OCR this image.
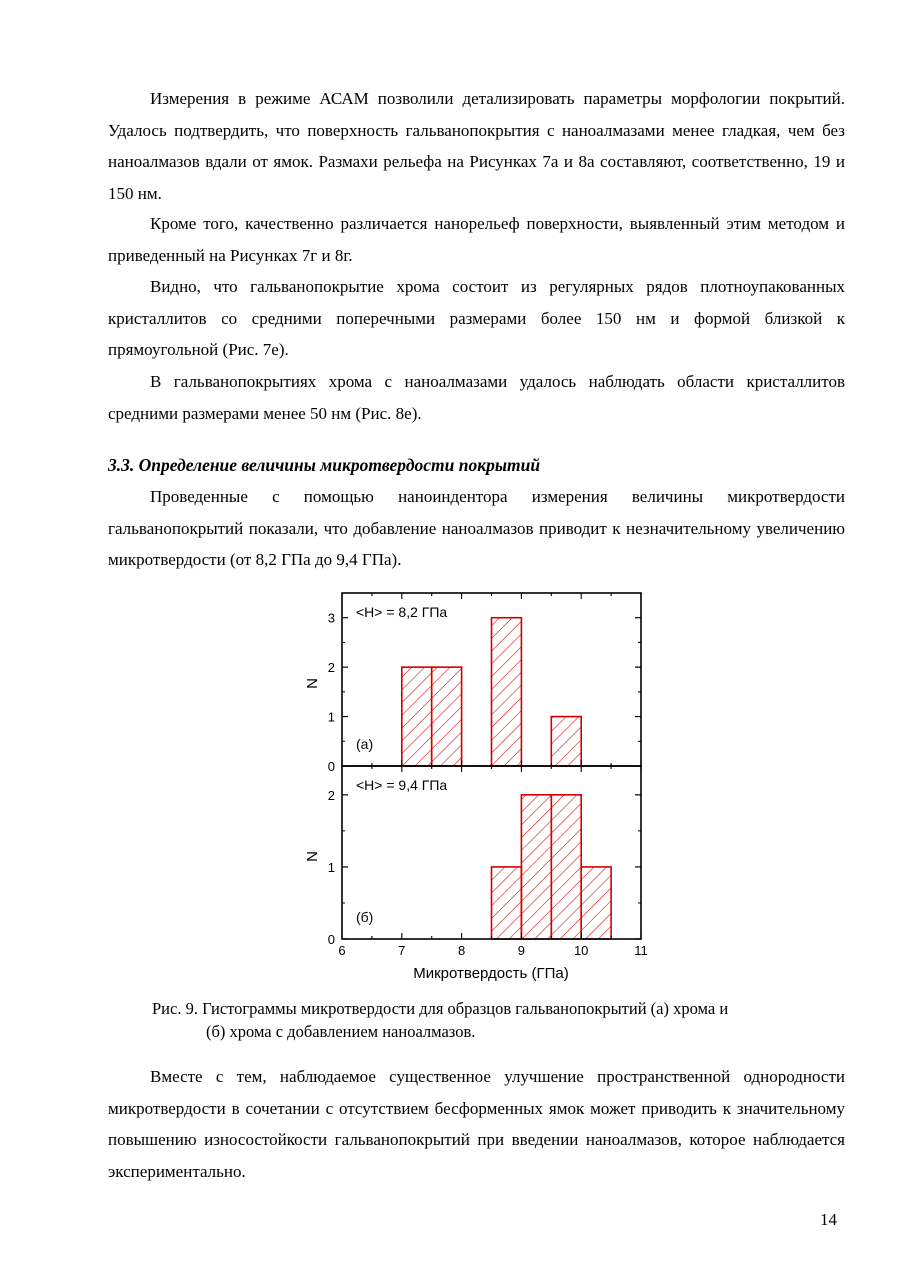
Измерения в режиме АСАМ позволили детализировать параметры морфологии покрытий. Удалось подтвердить, что поверхность гальванопокрытия с наноалмазами менее гладкая, чем без наноалмазов вдали от ямок. Размахи рельефа на Рисунках 7а и 8а составляют, соответственно, 19 и 150 нм.

Кроме того, качественно различается нанорельеф поверхности, выявленный этим методом и приведенный на Рисунках 7г и 8г.

Видно, что гальванопокрытие хрома состоит из регулярных рядов плотноупакованных кристаллитов со средними поперечными размерами более 150 нм и формой близкой к прямоугольной (Рис. 7е).

В гальванопокрытиях хрома с наноалмазами удалось наблюдать области кристаллитов средними размерами менее 50 нм (Рис. 8е).

3.3. Определение величины микротвердости покрытий

Проведенные с помощью наноиндентора измерения величины микротвердости гальванопокрытий показали, что добавление наноалмазов приводит к незначительному увеличению микротвердости (от 8,2 ГПа до 9,4 ГПа).

0
1
2
3
N
<H> = 8,2 ГПа
(а)
0
1
2
6	7	8	9	10	11
N
<H> = 9,4 ГПа
(б)
Микротвердость (ГПа)

Рис. 9. Гистограммы микротвердости для образцов гальванопокрытий (а) хрома и
(б) хрома с добавлением наноалмазов.

Вместе с тем, наблюдаемое существенное улучшение пространственной однородности микротвердости в сочетании с отсутствием бесформенных ямок может приводить к значительному повышению износостойкости гальванопокрытий при введении наноалмазов, которое наблюдается экспериментально.

14
